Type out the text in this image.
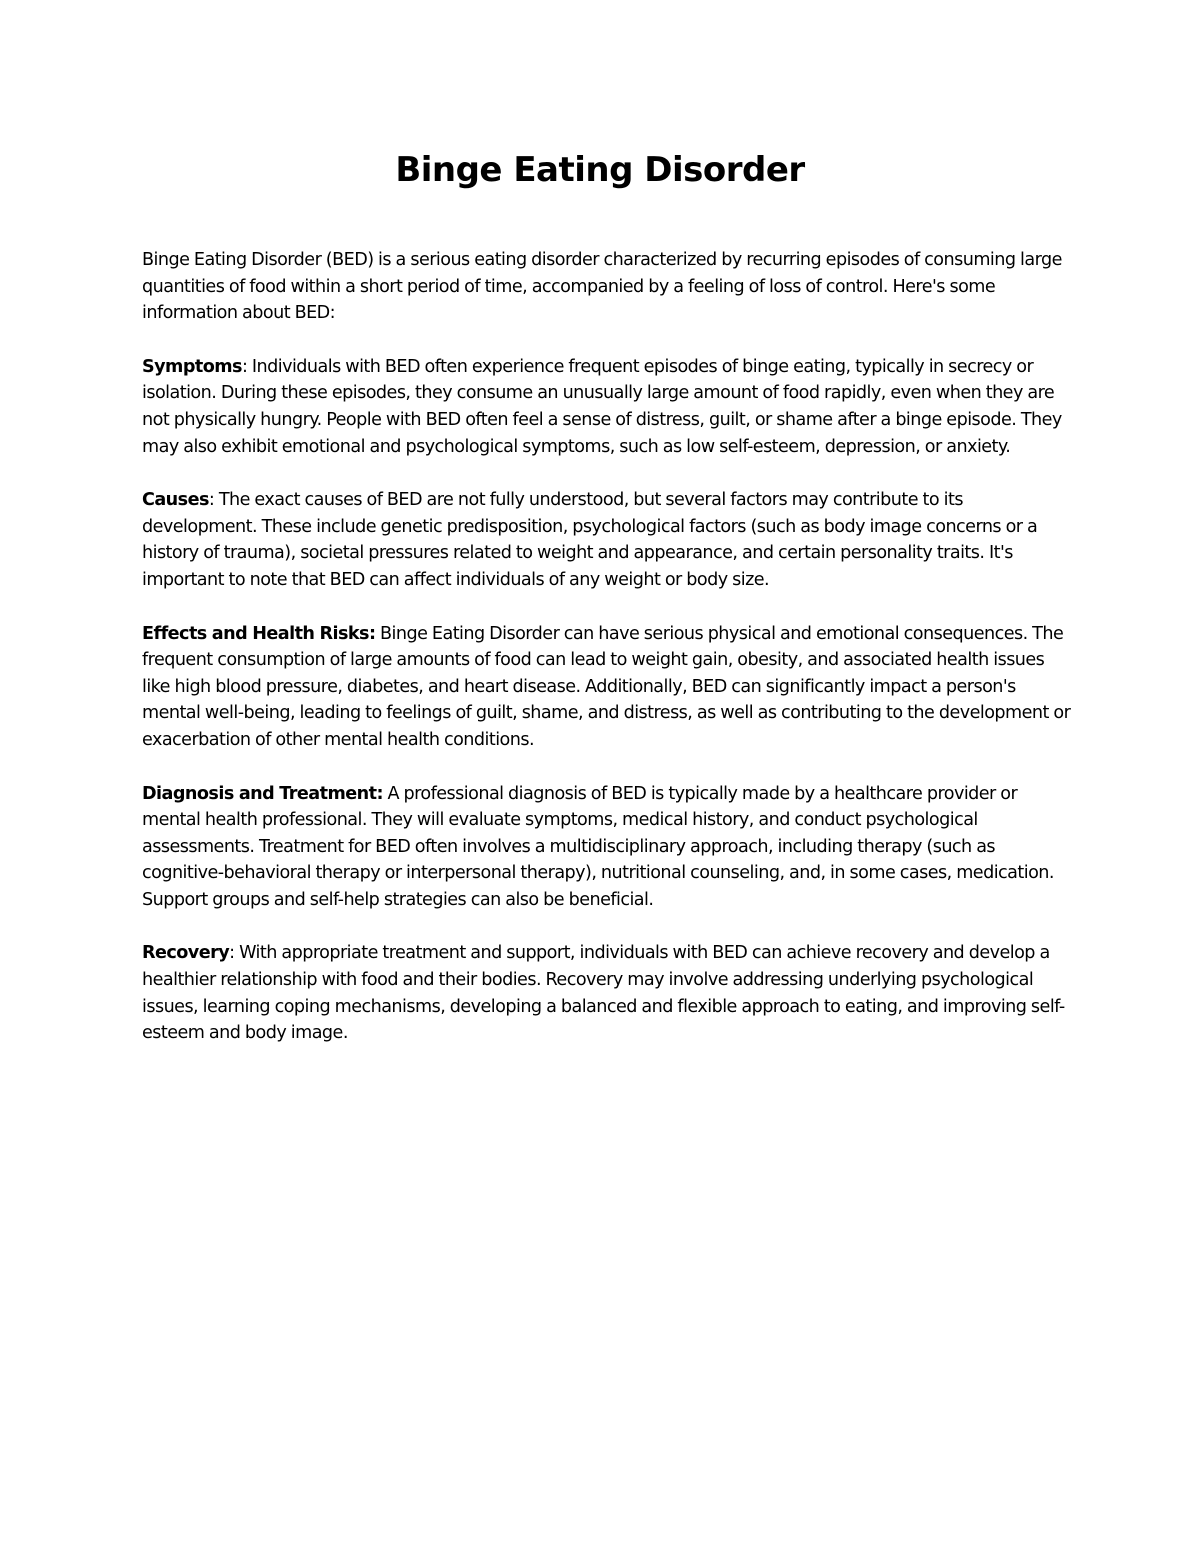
Binge Eating Disorder

Binge Eating Disorder (BED) is a serious eating disorder characterized by recurring episodes of consuming large quantities of food within a short period of time, accompanied by a feeling of loss of control. Here's some information about BED:

Symptoms: Individuals with BED often experience frequent episodes of binge eating, typically in secrecy or isolation. During these episodes, they consume an unusually large amount of food rapidly, even when they are not physically hungry. People with BED often feel a sense of distress, guilt, or shame after a binge episode. They may also exhibit emotional and psychological symptoms, such as low self-esteem, depression, or anxiety.

Causes: The exact causes of BED are not fully understood, but several factors may contribute to its development. These include genetic predisposition, psychological factors (such as body image concerns or a history of trauma), societal pressures related to weight and appearance, and certain personality traits. It's important to note that BED can affect individuals of any weight or body size.

Effects and Health Risks: Binge Eating Disorder can have serious physical and emotional consequences. The frequent consumption of large amounts of food can lead to weight gain, obesity, and associated health issues like high blood pressure, diabetes, and heart disease. Additionally, BED can significantly impact a person's mental well-being, leading to feelings of guilt, shame, and distress, as well as contributing to the development or exacerbation of other mental health conditions.

Diagnosis and Treatment: A professional diagnosis of BED is typically made by a healthcare provider or mental health professional. They will evaluate symptoms, medical history, and conduct psychological assessments. Treatment for BED often involves a multidisciplinary approach, including therapy (such as cognitive-behavioral therapy or interpersonal therapy), nutritional counseling, and, in some cases, medication. Support groups and self-help strategies can also be beneficial.

Recovery: With appropriate treatment and support, individuals with BED can achieve recovery and develop a healthier relationship with food and their bodies. Recovery may involve addressing underlying psychological issues, learning coping mechanisms, developing a balanced and flexible approach to eating, and improving self-esteem and body image.
